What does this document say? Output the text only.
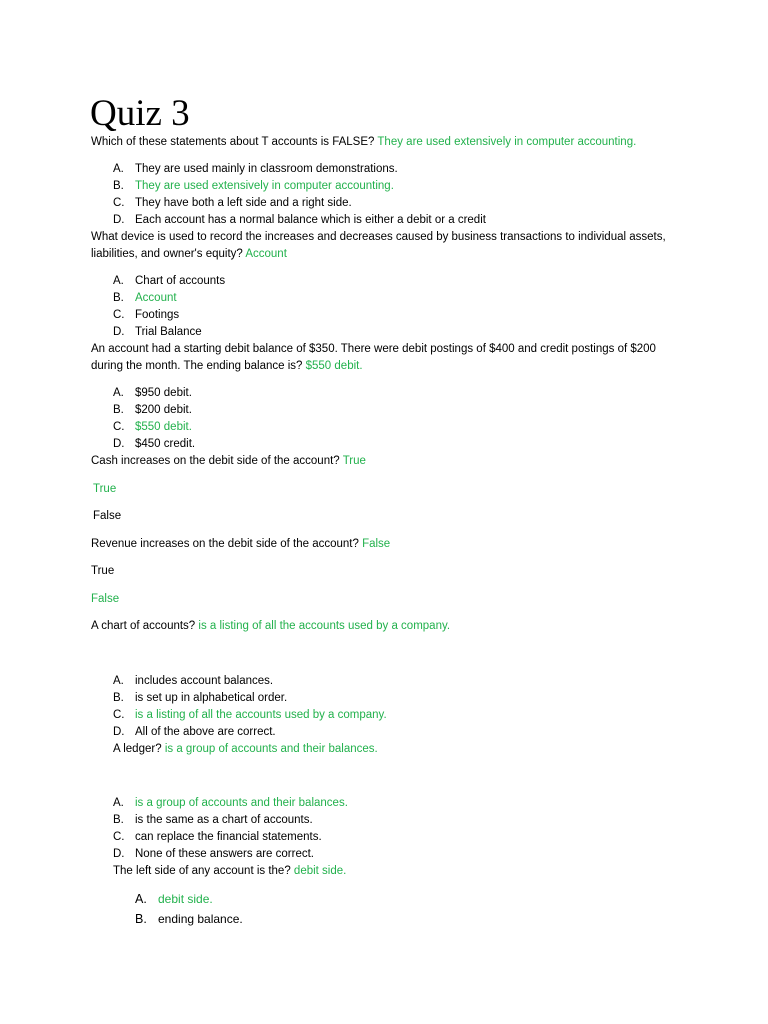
Quiz 3
Which of these statements about T accounts is FALSE? They are used extensively in computer accounting.
A. They are used mainly in classroom demonstrations.
B. They are used extensively in computer accounting.
C. They have both a left side and a right side.
D. Each account has a normal balance which is either a debit or a credit
What device is used to record the increases and decreases caused by business transactions to individual assets, liabilities, and owner's equity? Account
A. Chart of accounts
B. Account
C. Footings
D. Trial Balance
An account had a starting debit balance of $350. There were debit postings of $400 and credit postings of $200 during the month. The ending balance is? $550 debit.
A. $950 debit.
B. $200 debit.
C. $550 debit.
D. $450 credit.
Cash increases on the debit side of the account? True
True
False
Revenue increases on the debit side of the account? False
True
False
A chart of accounts? is a listing of all the accounts used by a company.
A. includes account balances.
B. is set up in alphabetical order.
C. is a listing of all the accounts used by a company.
D. All of the above are correct.
A ledger? is a group of accounts and their balances.
A. is a group of accounts and their balances.
B. is the same as a chart of accounts.
C. can replace the financial statements.
D. None of these answers are correct.
The left side of any account is the? debit side.
A. debit side.
B. ending balance.
